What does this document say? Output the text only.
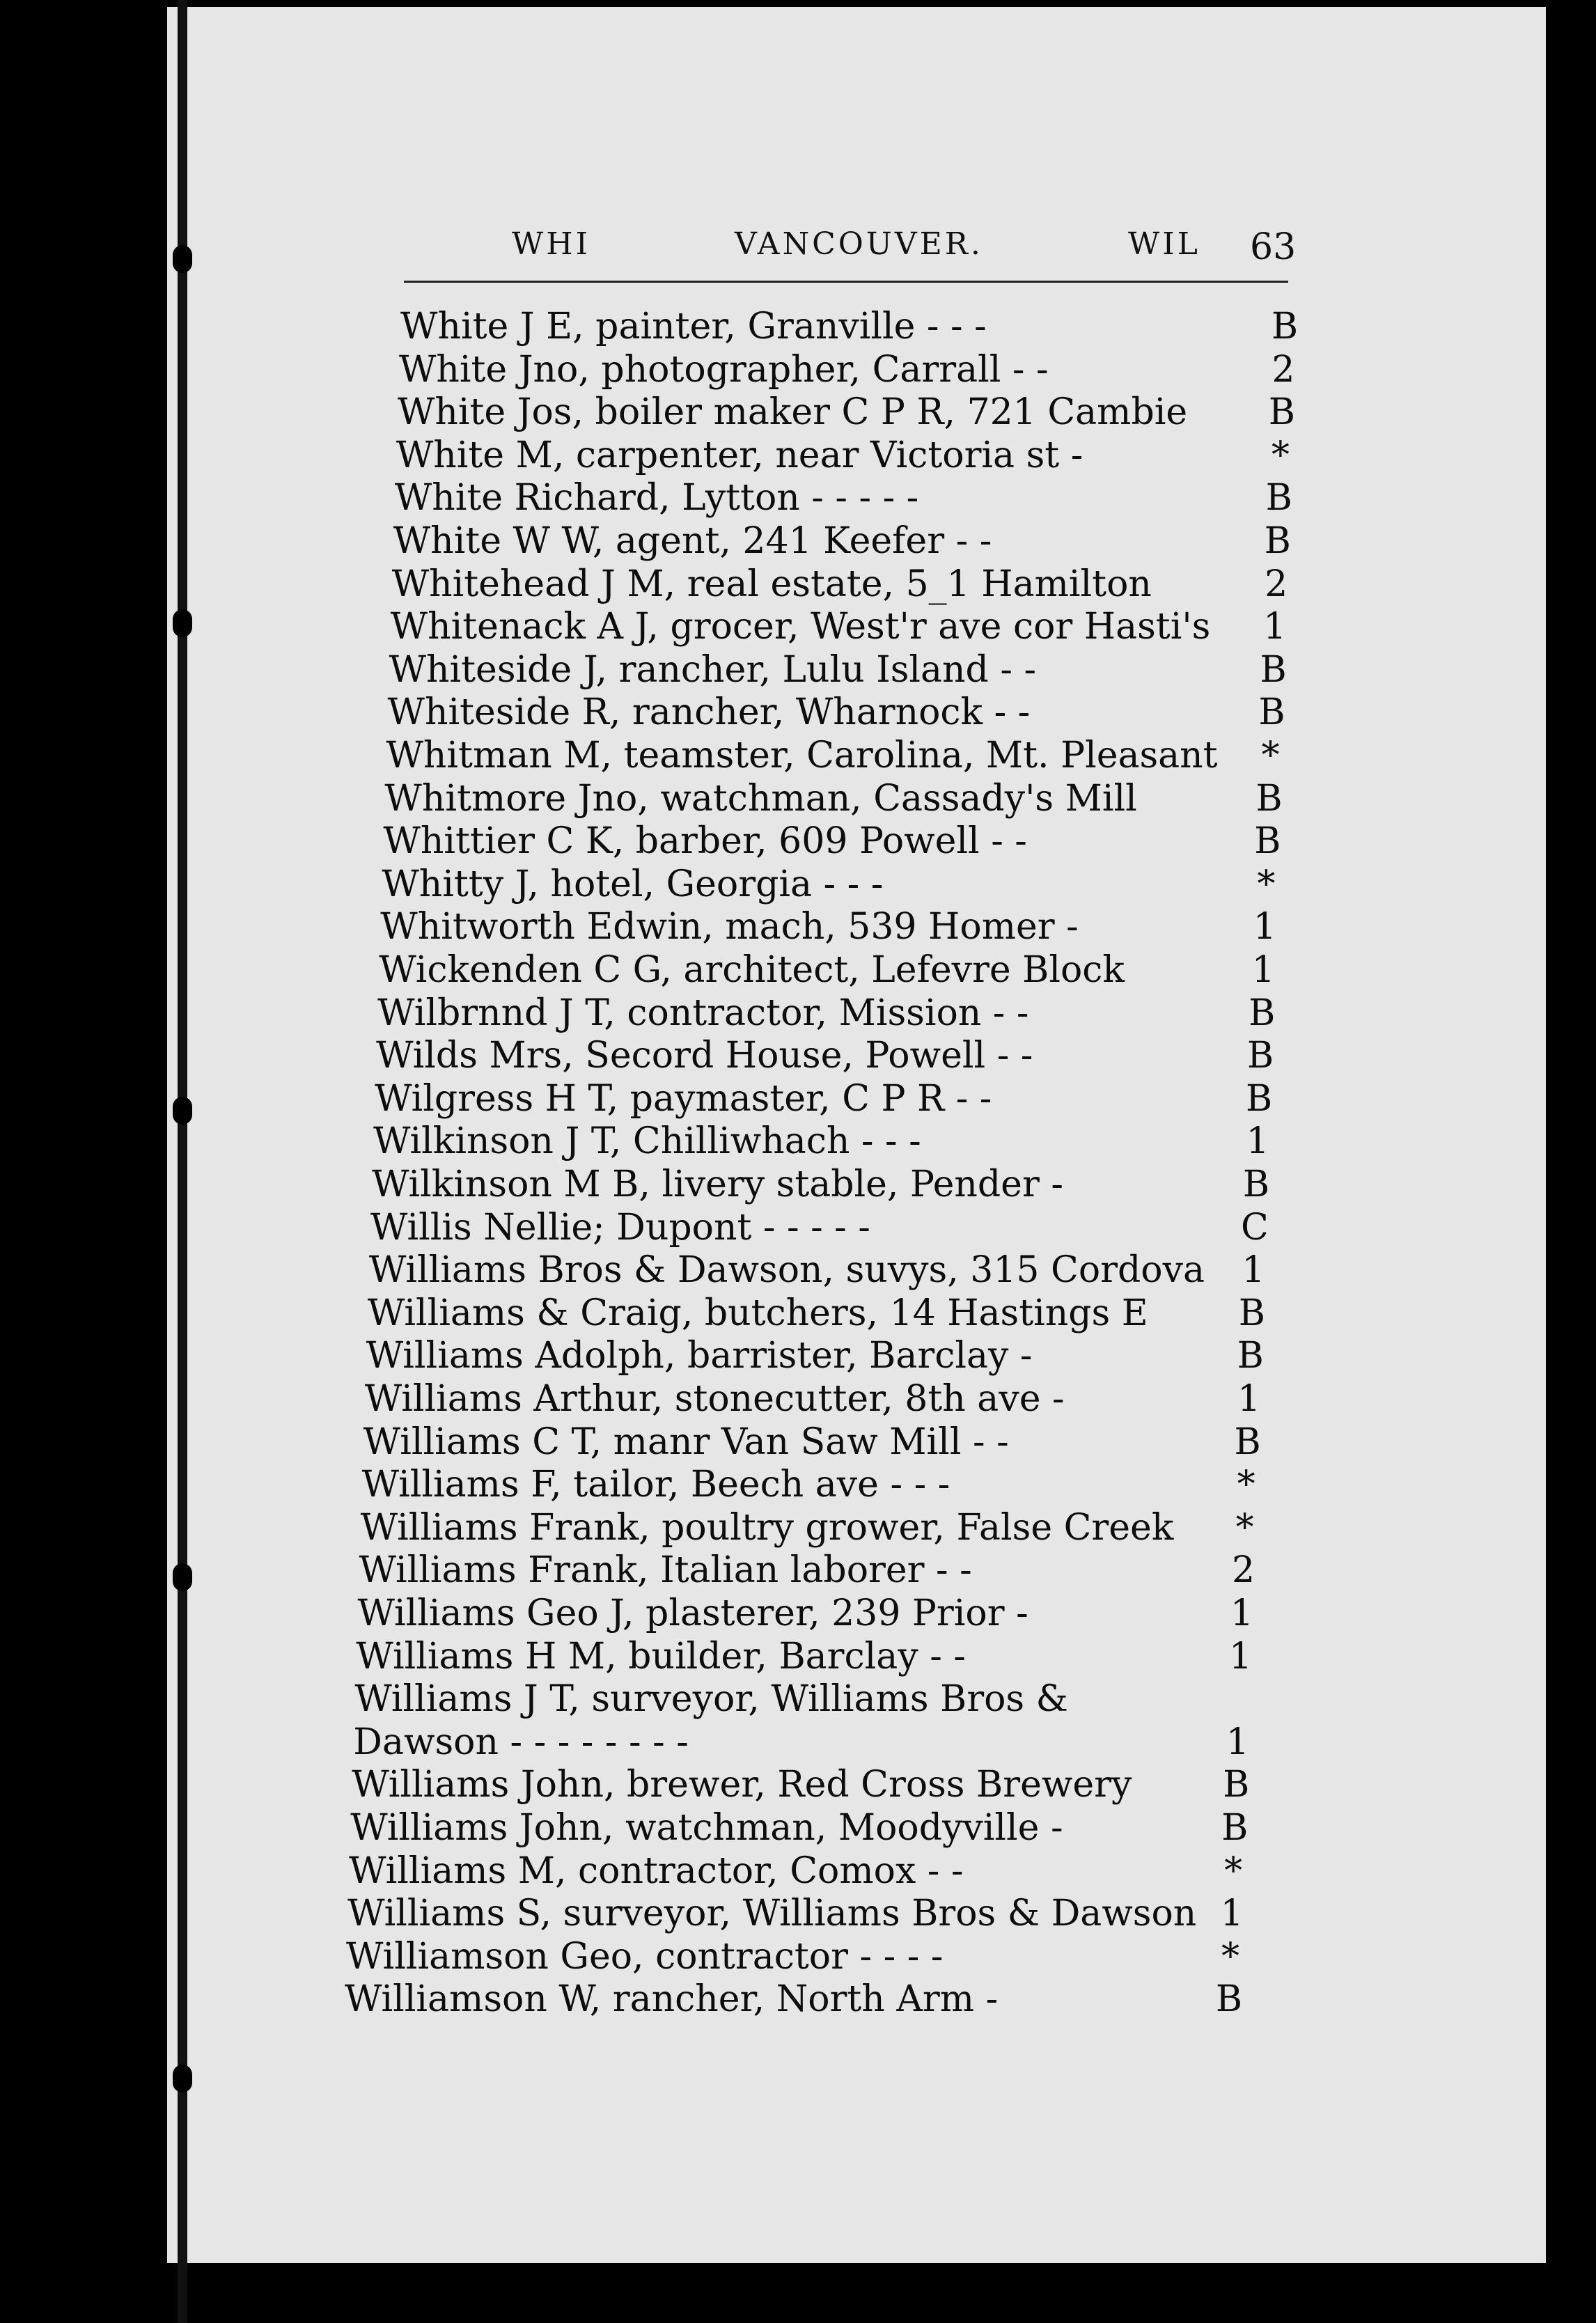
WHI	VANCOUVER.	WIL 63
White J E, painter, Granville - - -	B
White Jno, photographer, Carrall - -	2
White Jos, boiler maker C P R, 721 Cambie B
White M, carpenter, near Victoria st -	*
White Richard, Lytton - - - - -	B
White W W, agent, 241 Keefer - -	B
Whitehead J M, real estate, 5_1 Hamilton	2
Whitenack A J, grocer, West'r ave cor Hasti's 1
Whiteside J, rancher, Lulu Island - -	B
Whiteside R, rancher, Wharnock - -	B
Whitman M, teamster, Carolina, Mt. Pleasant	*
Whitmore Jno, watchman, Cassady's Mill	B
Whittier C K, barber, 609 Powell - -	B
Whitty J, hotel, Georgia - - -	*
Whitworth Edwin, mach, 539 Homer -	1
Wickenden C G, architect, Lefevre Block	1
Wilbrnnd J T, contractor, Mission - -	B
Wilds Mrs, Secord House, Powell - -	B
Wilgress H T, paymaster, C P R - -	B
Wilkinson J T, Chilliwhach - - -	1
Wilkinson M B, livery stable, Pender -	B
Willis Nellie; Dupont - - - - -	C
Williams Bros & Dawson, suvys, 315 Cordova 1
Williams & Craig, butchers, 14 Hastings E B
Williams Adolph, barrister, Barclay -	B
Williams Arthur, stonecutter, 8th ave -	1
Williams C T, manr Van Saw Mill - -	B
Williams F, tailor, Beech ave - - -	*
Williams Frank, poultry grower, False Creek	*
Williams Frank, Italian laborer - -	2
Williams Geo J, plasterer, 239 Prior -	1
Williams H M, builder, Barclay - -	1
Williams J T, surveyor, Williams Bros &
Dawson - - - - - - - -	1
Williams John, brewer, Red Cross Brewery	B
Williams John, watchman, Moodyville -	B
Williams M, contractor, Comox - -	*
Williams S, surveyor, Williams Bros & Dawson 1
Williamson Geo, contractor - - - -	*
Williamson W, rancher, North Arm -	B
